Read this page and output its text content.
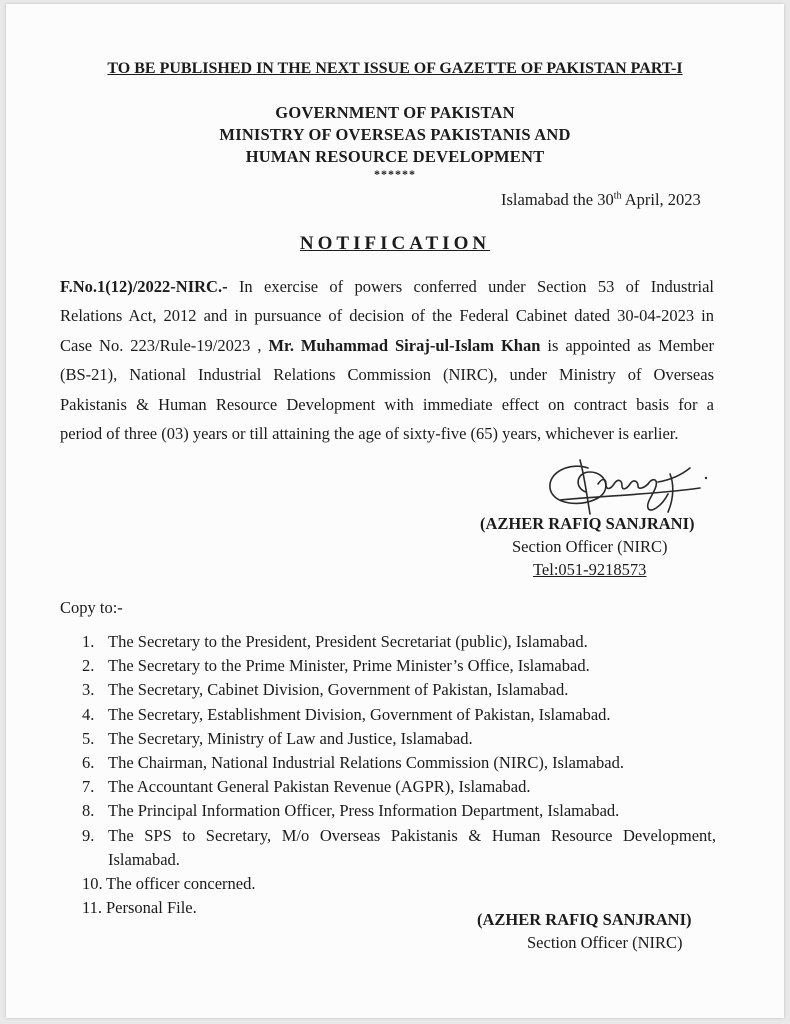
TO BE PUBLISHED IN THE NEXT ISSUE OF GAZETTE OF PAKISTAN PART-I
GOVERNMENT OF PAKISTAN
MINISTRY OF OVERSEAS PAKISTANIS AND
HUMAN RESOURCE DEVELOPMENT
******
Islamabad the 30th April, 2023
NOTIFICATION
F.No.1(12)/2022-NIRC.- In exercise of powers conferred under Section 53 of Industrial
Relations Act, 2012 and in pursuance of decision of the Federal Cabinet dated 30-04-2023 in
Case No. 223/Rule-19/2023 , Mr. Muhammad Siraj-ul-Islam Khan is appointed as Member
(BS-21), National Industrial Relations Commission (NIRC), under Ministry of Overseas
Pakistanis & Human Resource Development with immediate effect on contract basis for a
period of three (03) years or till attaining the age of sixty-five (65) years, whichever is earlier.
(AZHER RAFIQ SANJRANI)
Section Officer (NIRC)
Tel:051-9218573
Copy to:-
1. The Secretary to the President, President Secretariat (public), Islamabad.
2. The Secretary to the Prime Minister, Prime Minister’s Office, Islamabad.
3. The Secretary, Cabinet Division, Government of Pakistan, Islamabad.
4. The Secretary, Establishment Division, Government of Pakistan, Islamabad.
5. The Secretary, Ministry of Law and Justice, Islamabad.
6. The Chairman, National Industrial Relations Commission (NIRC), Islamabad.
7. The Accountant General Pakistan Revenue (AGPR), Islamabad.
8. The Principal Information Officer, Press Information Department, Islamabad.
9. The SPS to Secretary, M/o Overseas Pakistanis & Human Resource Development,
Islamabad.
10. The officer concerned.
11. Personal File.
(AZHER RAFIQ SANJRANI)
Section Officer (NIRC)
